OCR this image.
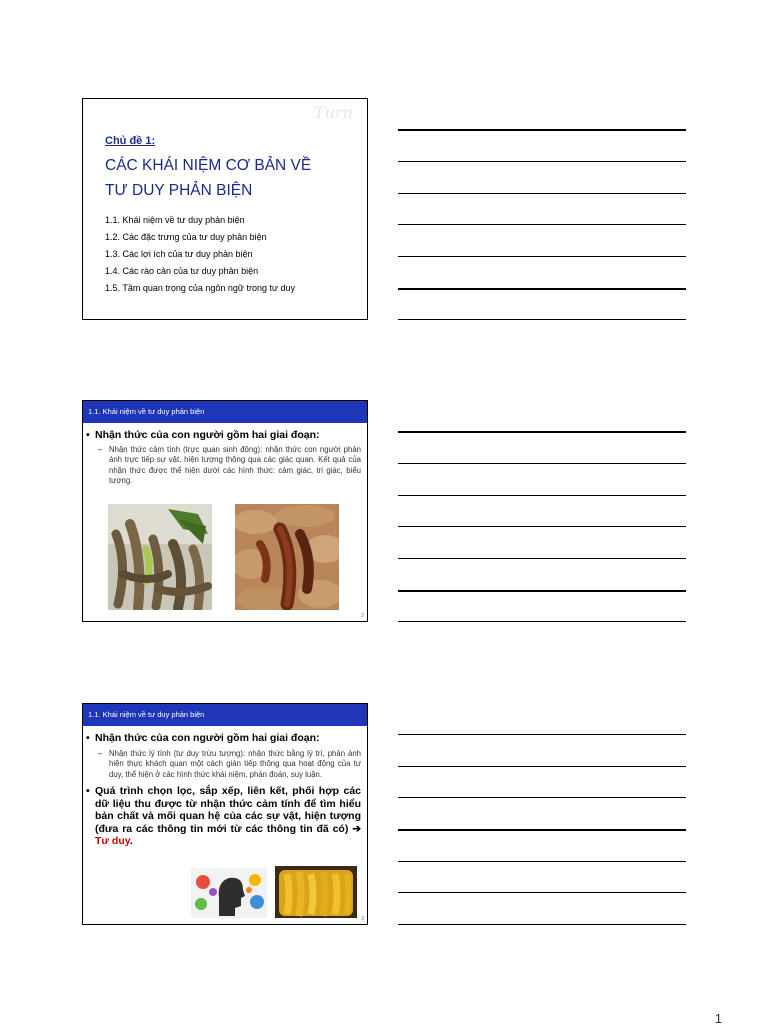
Turn
Chủ đề 1:
CÁC KHÁI NIỆM CƠ BẢN VỀ
TƯ DUY PHẢN BIỆN
1.1. Khái niệm về tư duy phản biện
1.2. Các đặc trưng của tư duy phản biện
1.3. Các lợi ích của tư duy phản biện
1.4. Các rào cản của tư duy phản biện
1.5. Tầm quan trọng của ngôn ngữ trong tư duy
1.1. Khái niệm về tư duy phản biện
• Nhận thức của con người gồm hai giai đoạn:
– Nhận thức cảm tính (trực quan sinh động): nhận thức con người phản ánh trực tiếp sự vật, hiện tượng thông qua các giác quan. Kết quả của nhận thức được thể hiện dưới các hình thức: cảm giác, tri giác, biểu tượng.
2
1.1. Khái niệm về tư duy phản biện
• Nhận thức của con người gồm hai giai đoạn:
– Nhận thức lý tính (tư duy trừu tượng): nhận thức bằng lý trí, phản ánh hiện thực khách quan một cách gián tiếp thông qua hoạt động của tư duy, thể hiện ở các hình thức khái niệm, phán đoán, suy luận.
• Quá trình chọn lọc, sắp xếp, liên kết, phối hợp các dữ liệu thu được từ nhận thức cảm tính để tìm hiểu bản chất và mối quan hệ của các sự vật, hiện tượng (đưa ra các thông tin mới từ các thông tin đã có) ➔ Tư duy.
3
1
